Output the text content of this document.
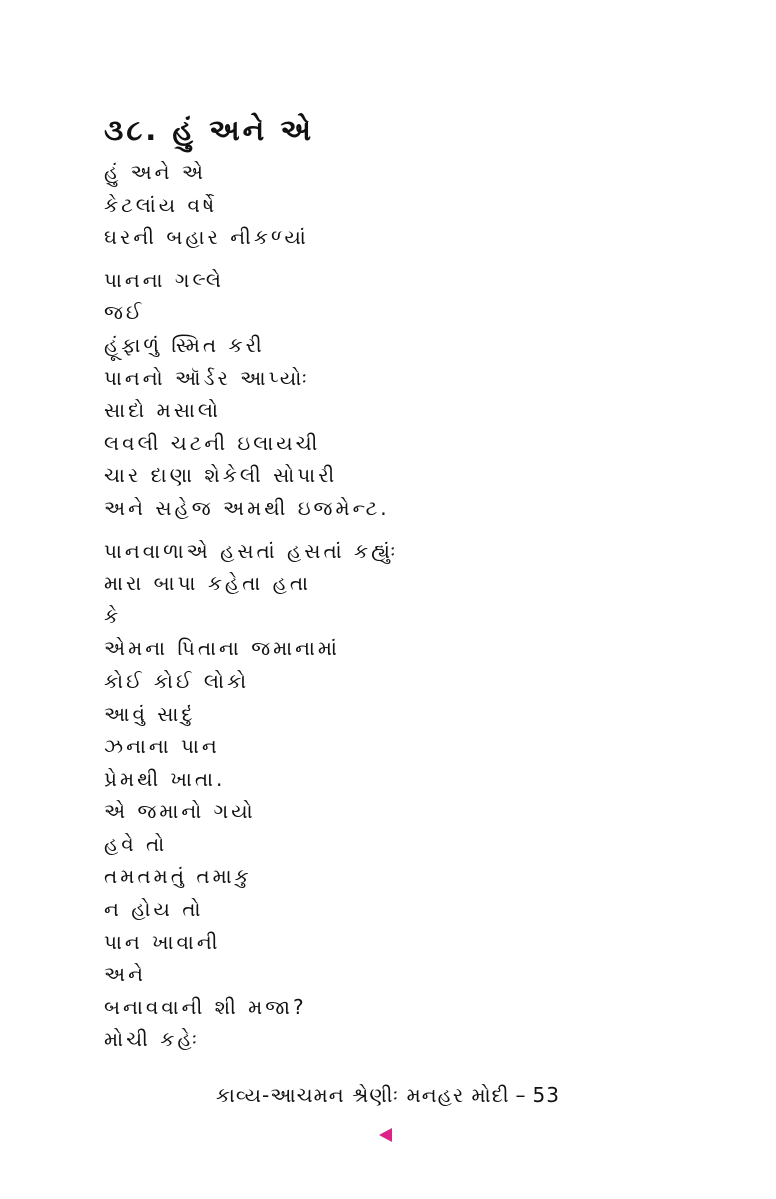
૩૮. હું અને એ
હું અને એ
કેટલાંય વર્ષે
ઘરની બહાર નીકળ્યાં
પાનના ગલ્લે
જઈ
હૂંફાળું સ્મિત કરી
પાનનો ઑર્ડર આપ્યોઃ
સાદો મસાલો
લવલી ચટની ઇલાયચી
ચાર દાણા શેકેલી સોપારી
અને સહેજ અમથી ઇજમેન્ટ.
પાનવાળાએ હસતાં હસતાં કહ્યુંઃ
મારા બાપા કહેતા હતા
કે
એમના પિતાના જમાનામાં
કોઈ કોઈ લોકો
આવું સાદું
ઝનાના પાન
પ્રેમથી ખાતા.
એ જમાનો ગયો
હવે તો
તમતમતું તમાકુ
ન હોય તો
પાન ખાવાની
અને
બનાવવાની શી મજા?
મોચી કહેઃ
કાવ્ય-આચમન શ્રેણીઃ મનહર મોદી – 53
